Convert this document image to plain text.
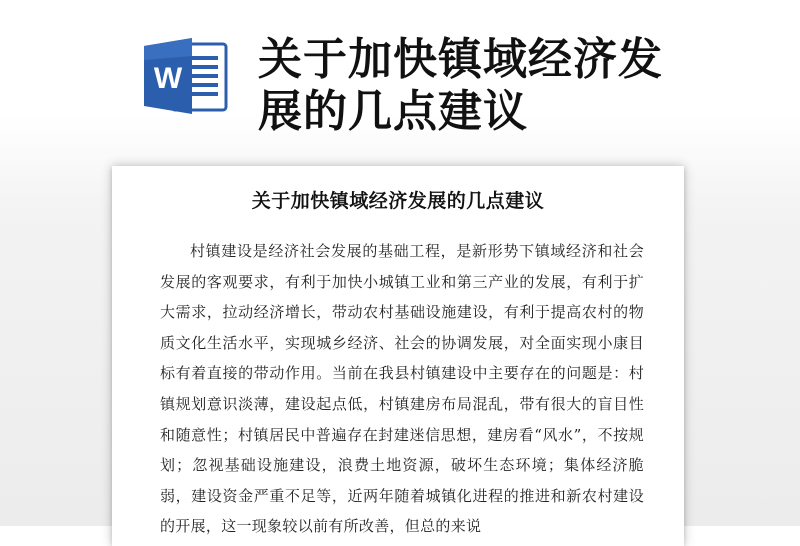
W 关于加快镇域经济发展的几点建议
关于加快镇域经济发展的几点建议

村镇建设是经济社会发展的基础工程，是新形势下镇域经济和社会发展的客观要求，有利于加快小城镇工业和第三产业的发展，有利于扩大需求，拉动经济增长，带动农村基础设施建设，有利于提高农村的物质文化生活水平，实现城乡经济、社会的协调发展，对全面实现小康目标有着直接的带动作用。当前在我县村镇建设中主要存在的问题是：村镇规划意识淡薄，建设起点低，村镇建房布局混乱，带有很大的盲目性和随意性；村镇居民中普遍存在封建迷信思想，建房看“风水”，不按规划；忽视基础设施建设，浪费土地资源，破坏生态环境；集体经济脆弱，建设资金严重不足等，近两年随着城镇化进程的推进和新农村建设的开展，这一现象较以前有所改善，但总的来说
